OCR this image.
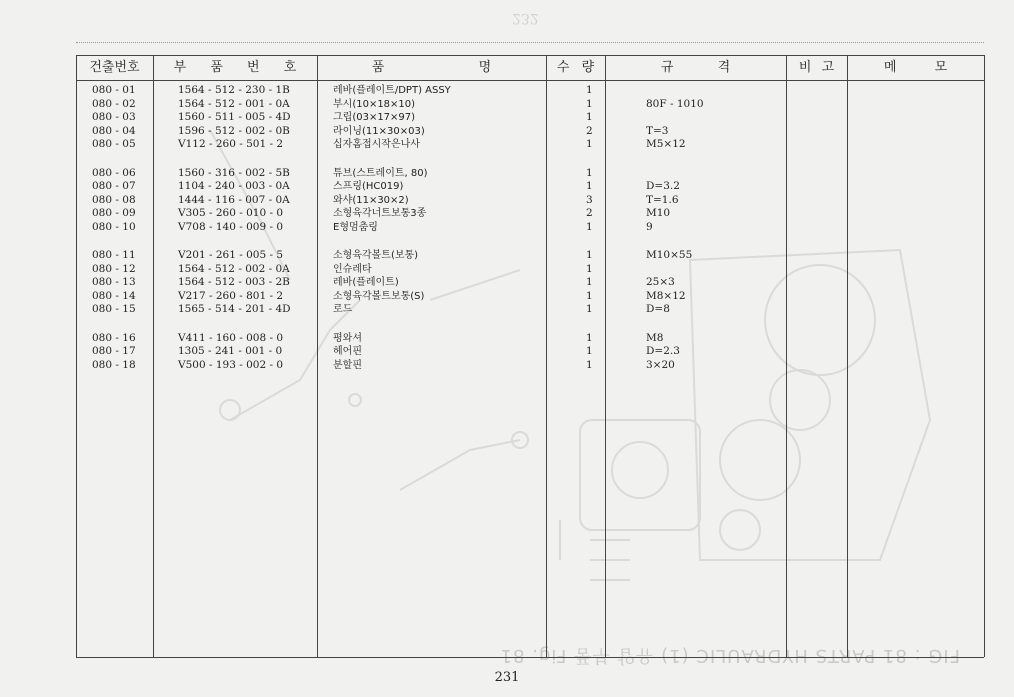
232
FIG : 81 PARTS HYDRAULIC (1) 유압 부품 Fig. 81
건출번호	부 품 번 호	품 명	수 량	규 격	비 고	메 모
080 - 01	1564 - 512 - 230 - 1B	레바(플레이트/DPT) ASSY	1
080 - 02	1564 - 512 - 001 - 0A	부시(10×18×10)	1	80F - 1010
080 - 03	1560 - 511 - 005 - 4D	그립(03×17×97)	1
080 - 04	1596 - 512 - 002 - 0B	라이닝(11×30×03)	2	T=3
080 - 05	V112 - 260 - 501 - 2	십자홈접시작은나사	1	M5×12
080 - 06	1560 - 316 - 002 - 5B	튜브(스트레이트, 80)	1
080 - 07	1104 - 240 - 003 - 0A	스프링(HC019)	1	D=3.2
080 - 08	1444 - 116 - 007 - 0A	와샤(11×30×2)	3	T=1.6
080 - 09	V305 - 260 - 010 - 0	소형육각너트보통3종	2	M10
080 - 10	V708 - 140 - 009 - 0	E형멈춤링	1	9
080 - 11	V201 - 261 - 005 - 5	소형육각볼트(보통)	1	M10×55
080 - 12	1564 - 512 - 002 - 0A	인슈레타	1
080 - 13	1564 - 512 - 003 - 2B	레바(플레이트)	1	25×3
080 - 14	V217 - 260 - 801 - 2	소형육각볼트보통(S)	1	M8×12
080 - 15	1565 - 514 - 201 - 4D	로드	1	D=8
080 - 16	V411 - 160 - 008 - 0	평와셔	1	M8
080 - 17	1305 - 241 - 001 - 0	헤어핀	1	D=2.3
080 - 18	V500 - 193 - 002 - 0	분할핀	1	3×20
231
